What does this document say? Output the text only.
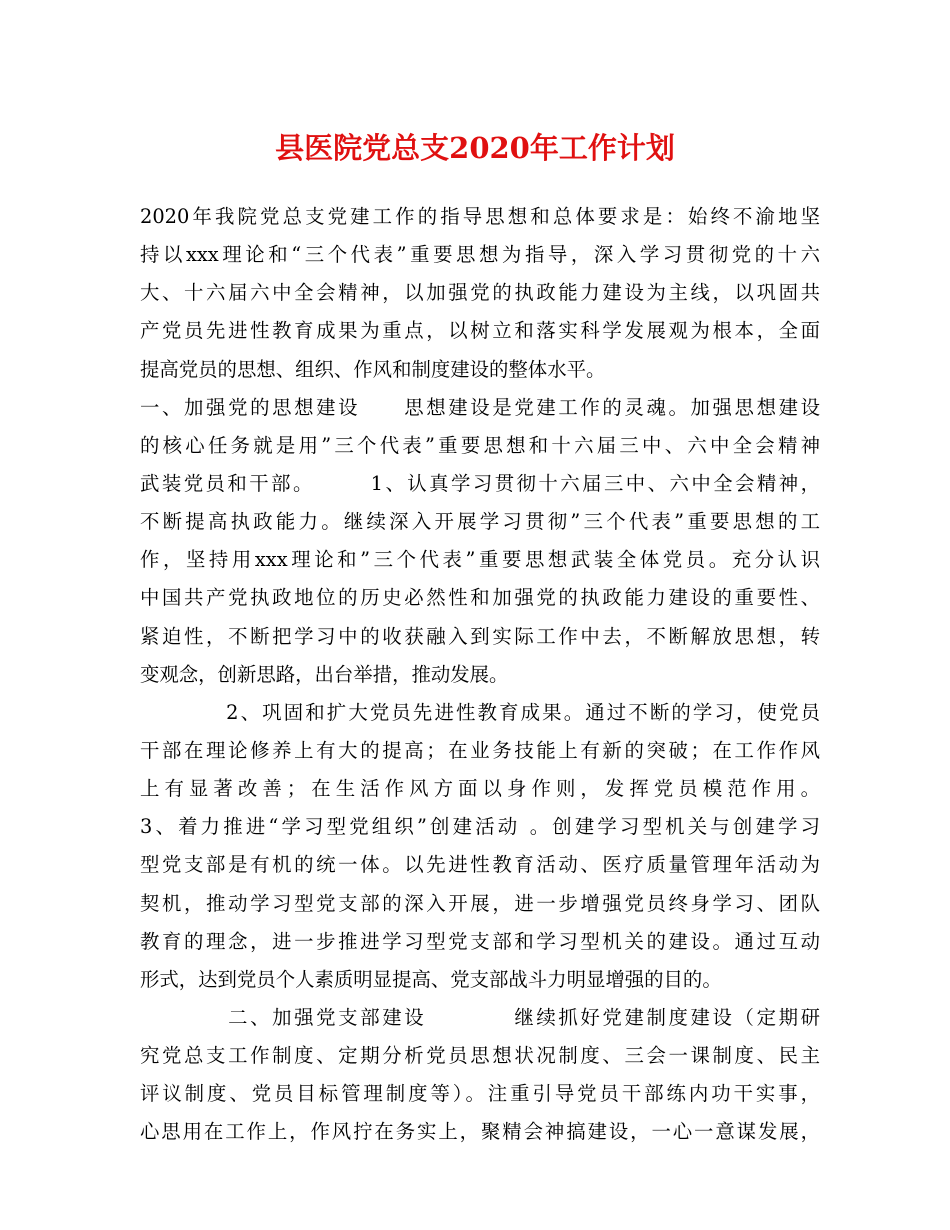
县医院党总支2020年工作计划
2020年我院党总支党建工作的指导思想和总体要求是：始终不渝地坚
持以xxx理论和“三个代表”重要思想为指导，深入学习贯彻党的十六
大、十六届六中全会精神，以加强党的执政能力建设为主线，以巩固共
产党员先进性教育成果为重点，以树立和落实科学发展观为根本，全面
提高党员的思想、组织、作风和制度建设的整体水平。
一、加强党的思想建设　　思想建设是党建工作的灵魂。加强思想建设
的核心任务就是用”三个代表”重要思想和十六届三中、六中全会精神
武装党员和干部。　　　1、认真学习贯彻十六届三中、六中全会精神，
不断提高执政能力。继续深入开展学习贯彻”三个代表”重要思想的工
作，坚持用xxx理论和”三个代表”重要思想武装全体党员。充分认识
中国共产党执政地位的历史必然性和加强党的执政能力建设的重要性、
紧迫性，不断把学习中的收获融入到实际工作中去，不断解放思想，转
变观念，创新思路，出台举措，推动发展。
　　　　2、巩固和扩大党员先进性教育成果。通过不断的学习，使党员
干部在理论修养上有大的提高；在业务技能上有新的突破；在工作作风
上有显著改善；在生活作风方面以身作则，发挥党员模范作用。
3、着力推进“学习型党组织”创建活动 。创建学习型机关与创建学习
型党支部是有机的统一体。以先进性教育活动、医疗质量管理年活动为
契机，推动学习型党支部的深入开展，进一步增强党员终身学习、团队
教育的理念，进一步推进学习型党支部和学习型机关的建设。通过互动
形式，达到党员个人素质明显提高、党支部战斗力明显增强的目的。
　　　　二、加强党支部建设　　　　继续抓好党建制度建设（定期研
究党总支工作制度、定期分析党员思想状况制度、三会一课制度、民主
评议制度、党员目标管理制度等）。注重引导党员干部练内功干实事，
心思用在工作上，作风拧在务实上，聚精会神搞建设，一心一意谋发展，
